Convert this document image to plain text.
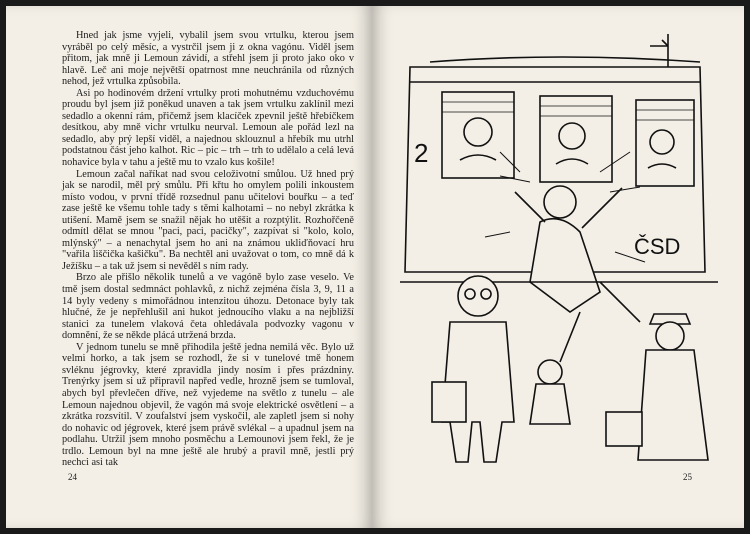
Hned jak jsme vyjeli, vybalil jsem svou vrtulku, kterou jsem vyráběl po celý měsíc, a vystrčil jsem ji z okna vagónu. Viděl jsem přitom, jak mně ji Lemoun závidí, a střehl jsem ji proto jako oko v hlavě. Leč ani moje největší opatrnost mne neuchránila od různých nehod, jež vrtulka způsobila.

Asi po hodinovém držení vrtulky proti mohutnému vzduchovému proudu byl jsem již poněkud unaven a tak jsem vrtulku zaklínil mezi sedadlo a okenní rám, přičemž jsem klacíček zpevnil ještě hřebíčkem desítkou, aby mně vichr vrtulku neurval. Lemoun ale pořád lezl na sedadlo, aby prý lepší viděl, a najednou sklouznul a hřebík mu utrhl podstatnou část jeho kalhot. Ric – pic – trh – trh to udělalo a celá levá nohavice byla v tahu a ještě mu to vzalo kus košile!

Lemoun začal naříkat nad svou celoživotní smůlou. Už hned prý jak se narodil, měl prý smůlu. Při křtu ho omylem polili inkoustem místo vodou, v první třídě rozsednul panu učitelovi bouřku – a teď zase ještě ke všemu tohle tady s těmi kalhotami – no nebyl zkrátka k utišení. Mamě jsem se snažil nějak ho utěšit a rozptýlit. Rozhořčeně odmítl dělat se mnou "paci, paci, pacičky", zazpívat si "kolo, kolo, mlýnský" – a nenachytal jsem ho ani na známou ukliďňovací hru "vařila liščička kašičku". Ba nechtěl ani uvažovat o tom, co mně dá k Ježíšku – a tak už jsem si nevěděl s ním rady.

Brzo ale přišlo několik tunelů a ve vagóně bylo zase veselo. Ve tmě jsem dostal sedmnáct pohlavků, z nichž zejména čísla 3, 9, 11 a 14 byly vedeny s mimořádnou intenzitou úhozu. Detonace byly tak hlučné, že je nepřehlušil ani hukot jednoucího vlaku a na nejbližší stanici za tunelem vlaková četa ohledávala podvozky vagonu v domnění, že se někde plácá utržená brzda.

V jednom tunelu se mně přihodila ještě jedna nemilá věc. Bylo už velmi horko, a tak jsem se rozhodl, že si v tunelové tmě honem svléknu jégrovky, které zpravidla jindy nosím i přes prázdniny. Trenýrky jsem si už připravil napřed vedle, hrozně jsem se tumloval, abych byl převlečen dříve, než vyjedeme na světlo z tunelu – ale Lemoun najednou objevil, že vagón má svoje elektrické osvětlení – a zkrátka rozsvítil. V zoufalství jsem vyskočil, ale zapletl jsem si nohy do nohavic od jégrovek, které jsem právě svlékal – a upadnul jsem na podlahu. Utržil jsem mnoho posměchu a Lemounovi jsem řekl, že je trdlo. Lemoun byl na mne ještě ale hrubý a pravil mně, jestli prý nechci asi tak

24
2
ČSD
25
